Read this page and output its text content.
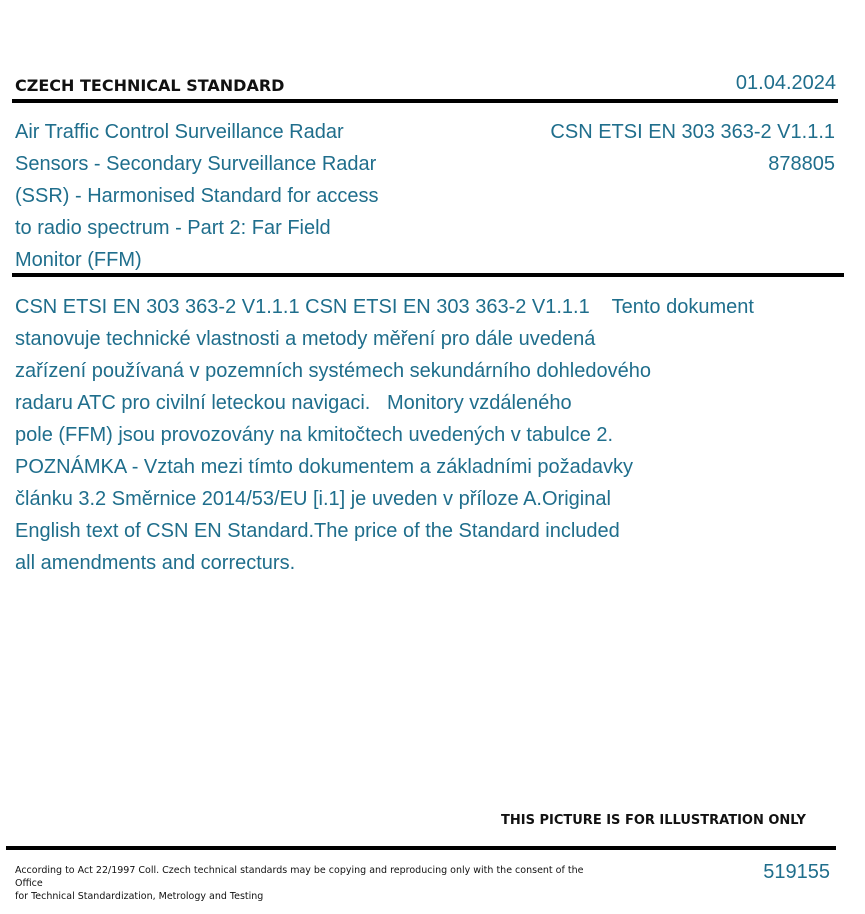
CZECH TECHNICAL STANDARD	01.04.2024
Air Traffic Control Surveillance Radar
Sensors - Secondary Surveillance Radar
(SSR) - Harmonised Standard for access
to radio spectrum - Part 2: Far Field
Monitor (FFM)
CSN ETSI EN 303 363-2 V1.1.1
878805
CSN ETSI EN 303 363-2 V1.1.1 CSN ETSI EN 303 363-2 V1.1.1    Tento dokument
stanovuje technické vlastnosti a metody měření pro dále uvedená
zařízení používaná v pozemních systémech sekundárního dohledového
radaru ATC pro civilní leteckou navigaci.   Monitory vzdáleného
pole (FFM) jsou provozovány na kmitočtech uvedených v tabulce 2.
POZNÁMKA - Vztah mezi tímto dokumentem a základními požadavky
článku 3.2 Směrnice 2014/53/EU [i.1] je uveden v příloze A.Original
English text of CSN EN Standard.The price of the Standard included
all amendments and correcturs.
THIS PICTURE IS FOR ILLUSTRATION ONLY
According to Act 22/1997 Coll. Czech technical standards may be copying and reproducing only with the consent of the Office
for Technical Standardization, Metrology and Testing
519155
